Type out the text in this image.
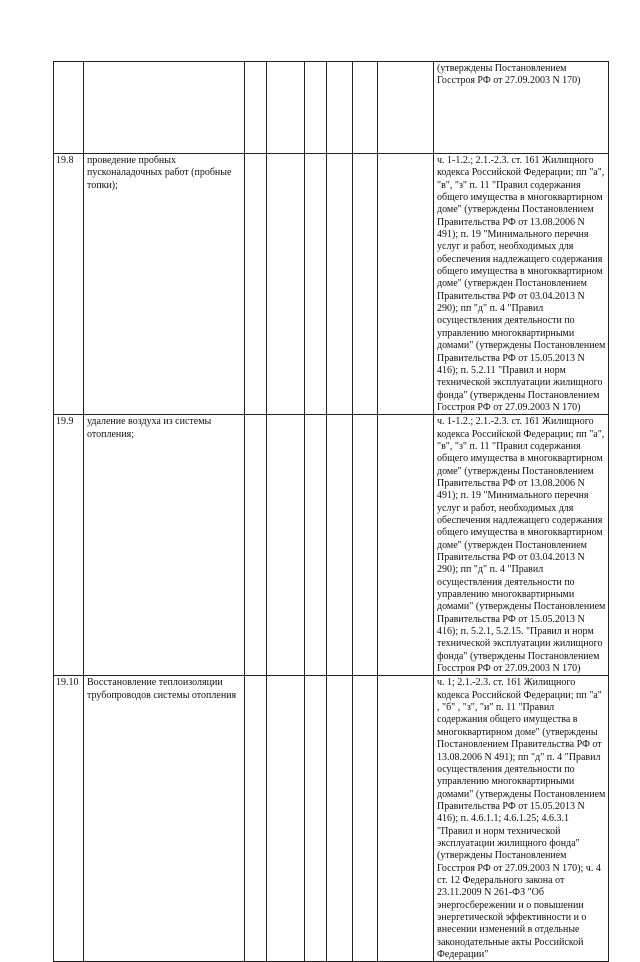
								(утверждены Постановлением Госстроя РФ от 27.09.2003 N 170)

19.8	проведение пробных пусконаладочных работ (пробные топки);							ч. 1-1.2.; 2.1.-2.3. ст. 161 Жилищного кодекса Российской Федерации; пп "а", "в", "з" п. 11 "Правил содержания общего имущества в многоквартирном доме" (утверждены Постановлением Правительства РФ от 13.08.2006 N 491); п. 19 "Минимального перечня услуг и работ, необходимых для обеспечения надлежащего содержания общего имущества в многоквартирном доме" (утвержден Постановлением Правительства РФ от 03.04.2013 N 290); пп "д" п. 4 "Правил осуществления деятельности по управлению многоквартирными домами" (утверждены Постановлением Правительства РФ от 15.05.2013 N 416); п. 5.2.11 "Правил и норм технической эксплуатации жилищного фонда" (утверждены Постановлением Госстроя РФ от 27.09.2003 N 170)

19.9	удаление воздуха из системы отопления;							ч. 1-1.2.; 2.1.-2.3. ст. 161 Жилищного кодекса Российской Федерации; пп "а", "в", "з" п. 11 "Правил содержания общего имущества в многоквартирном доме" (утверждены Постановлением Правительства РФ от 13.08.2006 N 491); п. 19 "Минимального перечня услуг и работ, необходимых для обеспечения надлежащего содержания общего имущества в многоквартирном доме" (утвержден Постановлением Правительства РФ от 03.04.2013 N 290); пп "д" п. 4 "Правил осуществления деятельности по управлению многоквартирными домами" (утверждены Постановлением Правительства РФ от 15.05.2013 N 416); п. 5.2.1, 5.2.15. "Правил и норм технической эксплуатации жилищного фонда" (утверждены Постановлением Госстроя РФ от 27.09.2003 N 170)

19.10	Восстановление теплоизоляции трубопроводов системы отопления							ч. 1; 2.1.-2.3. ст. 161 Жилищного кодекса Российской Федерации; пп "а" , "б" , "з", "и" п. 11 "Правил содержания общего имущества в многоквартирном доме" (утверждены Постановлением Правительства РФ от 13.08.2006 N 491); пп "д" п. 4 "Правил осуществления деятельности по управлению многоквартирными домами" (утверждены Постановлением Правительства РФ от 15.05.2013 N 416); п. 4.6.1.1; 4.6.1.25; 4.6.3.1 "Правил и норм технической эксплуатации жилищного фонда" (утверждены Постановлением Госстроя РФ от 27.09.2003 N 170); ч. 4 ст. 12 Федерального закона от 23.11.2009 N 261-ФЗ "Об энергосбережении и о повышении энергетической эффективности и о внесении изменений в отдельные законодательные акты Российской Федерации"
